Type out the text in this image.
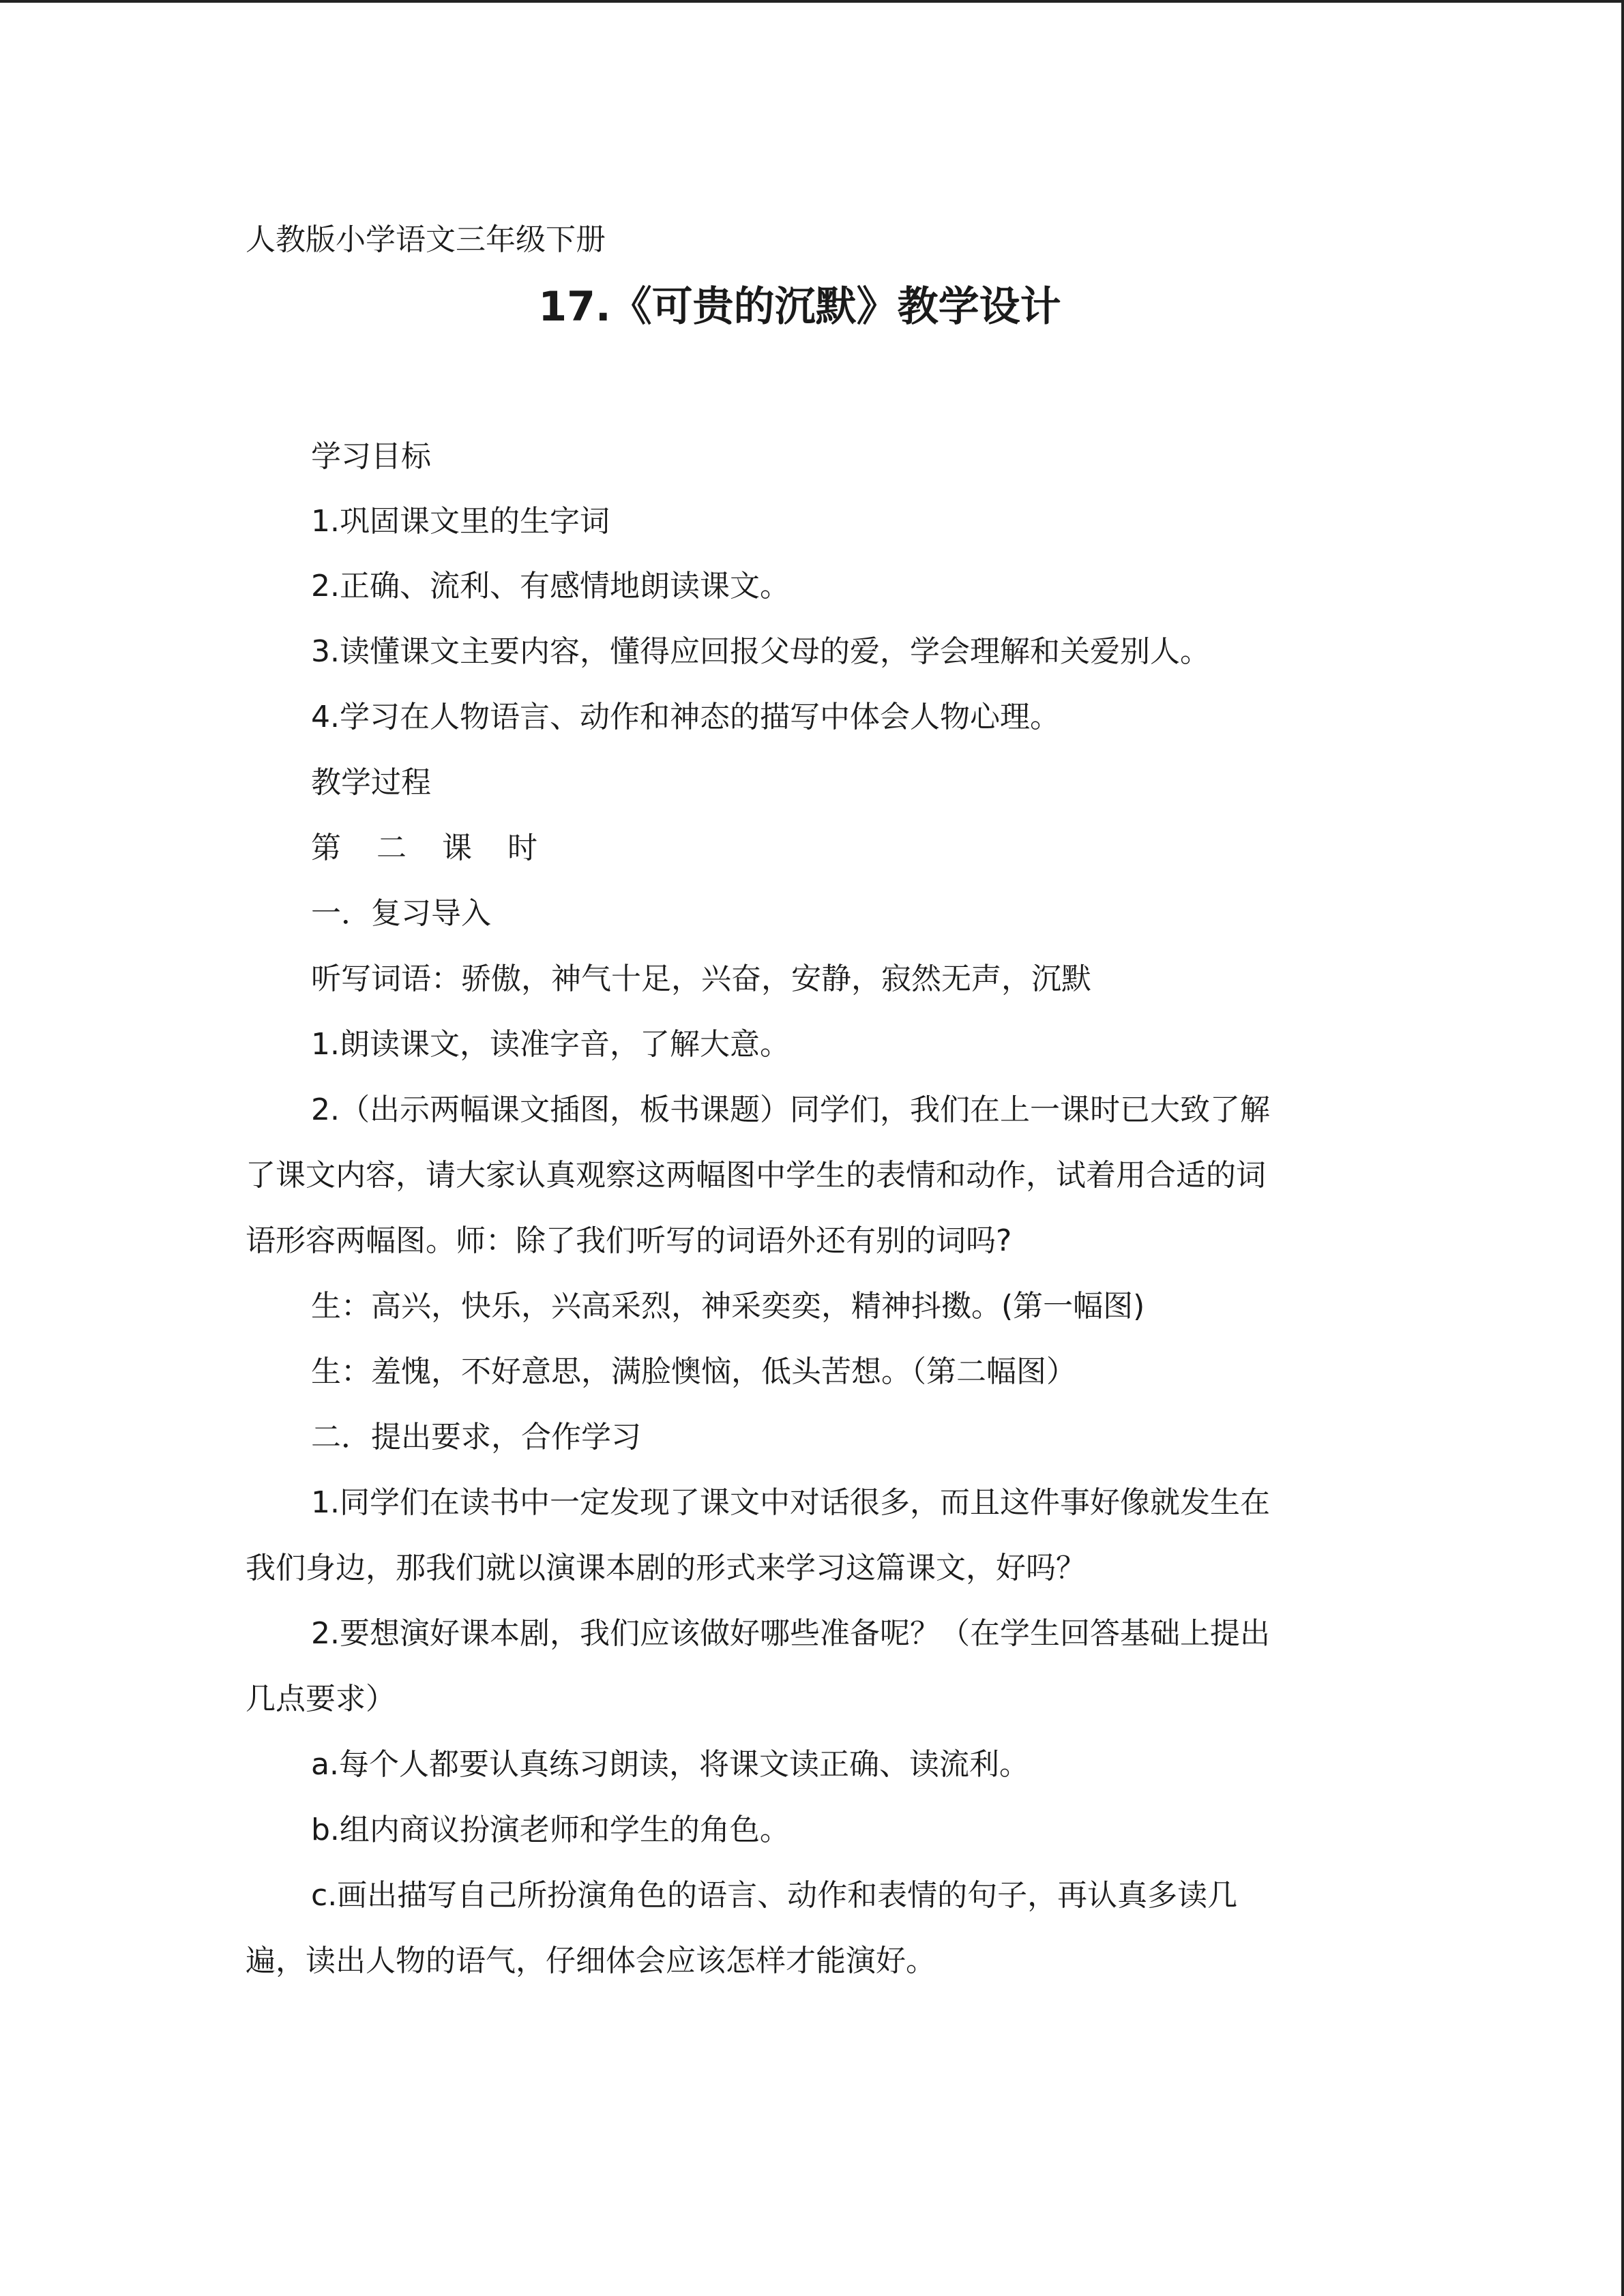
人教版小学语文三年级下册
17.《可贵的沉默》教学设计
学习目标
1.巩固课文里的生字词
2.正确、流利、有感情地朗读课文。
3.读懂课文主要内容，懂得应回报父母的爱，学会理解和关爱别人。
4.学习在人物语言、动作和神态的描写中体会人物心理。
教学过程
第 二 课 时
一．复习导入
听写词语：骄傲，神气十足，兴奋，安静，寂然无声，沉默
1.朗读课文，读准字音，了解大意。
2.（出示两幅课文插图，板书课题）同学们，我们在上一课时已大致了解
了课文内容，请大家认真观察这两幅图中学生的表情和动作，试着用合适的词
语形容两幅图。师：除了我们听写的词语外还有别的词吗?
生：高兴，快乐，兴高采烈，神采奕奕，精神抖擞。(第一幅图)
生：羞愧，不好意思，满脸懊恼，低头苦想。（第二幅图）
二．提出要求，合作学习
1.同学们在读书中一定发现了课文中对话很多，而且这件事好像就发生在
我们身边，那我们就以演课本剧的形式来学习这篇课文，好吗？
2.要想演好课本剧，我们应该做好哪些准备呢？（在学生回答基础上提出
几点要求）
a.每个人都要认真练习朗读，将课文读正确、读流利。
b.组内商议扮演老师和学生的角色。
c.画出描写自己所扮演角色的语言、动作和表情的句子，再认真多读几
遍，读出人物的语气，仔细体会应该怎样才能演好。
